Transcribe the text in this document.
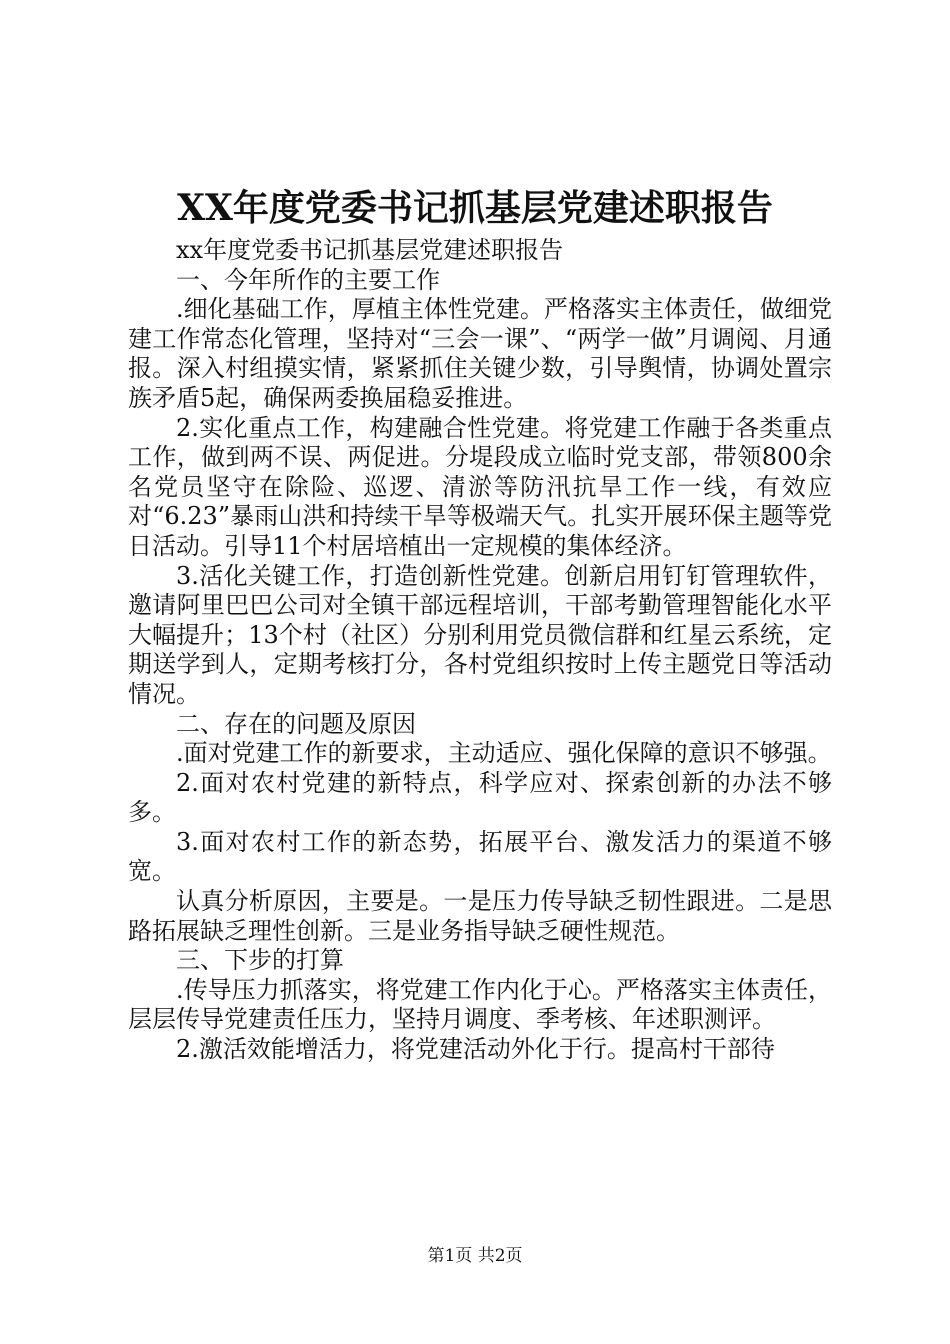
XX年度党委书记抓基层党建述职报告

xx年度党委书记抓基层党建述职报告

一、今年所作的主要工作

.细化基础工作，厚植主体性党建。严格落实主体责任，做细党建工作常态化管理，坚持对“三会一课”、“两学一做”月调阅、月通报。深入村组摸实情，紧紧抓住关键少数，引导舆情，协调处置宗族矛盾5起，确保两委换届稳妥推进。

2.实化重点工作，构建融合性党建。将党建工作融于各类重点工作，做到两不误、两促进。分堤段成立临时党支部，带领800余名党员坚守在除险、巡逻、清淤等防汛抗旱工作一线，有效应对“6.23”暴雨山洪和持续干旱等极端天气。扎实开展环保主题等党日活动。引导11个村居培植出一定规模的集体经济。

3.活化关键工作，打造创新性党建。创新启用钉钉管理软件，邀请阿里巴巴公司对全镇干部远程培训，干部考勤管理智能化水平大幅提升；13个村（社区）分别利用党员微信群和红星云系统，定期送学到人，定期考核打分，各村党组织按时上传主题党日等活动情况。

二、存在的问题及原因

.面对党建工作的新要求，主动适应、强化保障的意识不够强。

2.面对农村党建的新特点，科学应对、探索创新的办法不够多。

3.面对农村工作的新态势，拓展平台、激发活力的渠道不够宽。

认真分析原因，主要是。一是压力传导缺乏韧性跟进。二是思路拓展缺乏理性创新。三是业务指导缺乏硬性规范。

三、下步的打算

.传导压力抓落实，将党建工作内化于心。严格落实主体责任，层层传导党建责任压力，坚持月调度、季考核、年述职测评。

2.激活效能增活力，将党建活动外化于行。提高村干部待

第1页 共2页
